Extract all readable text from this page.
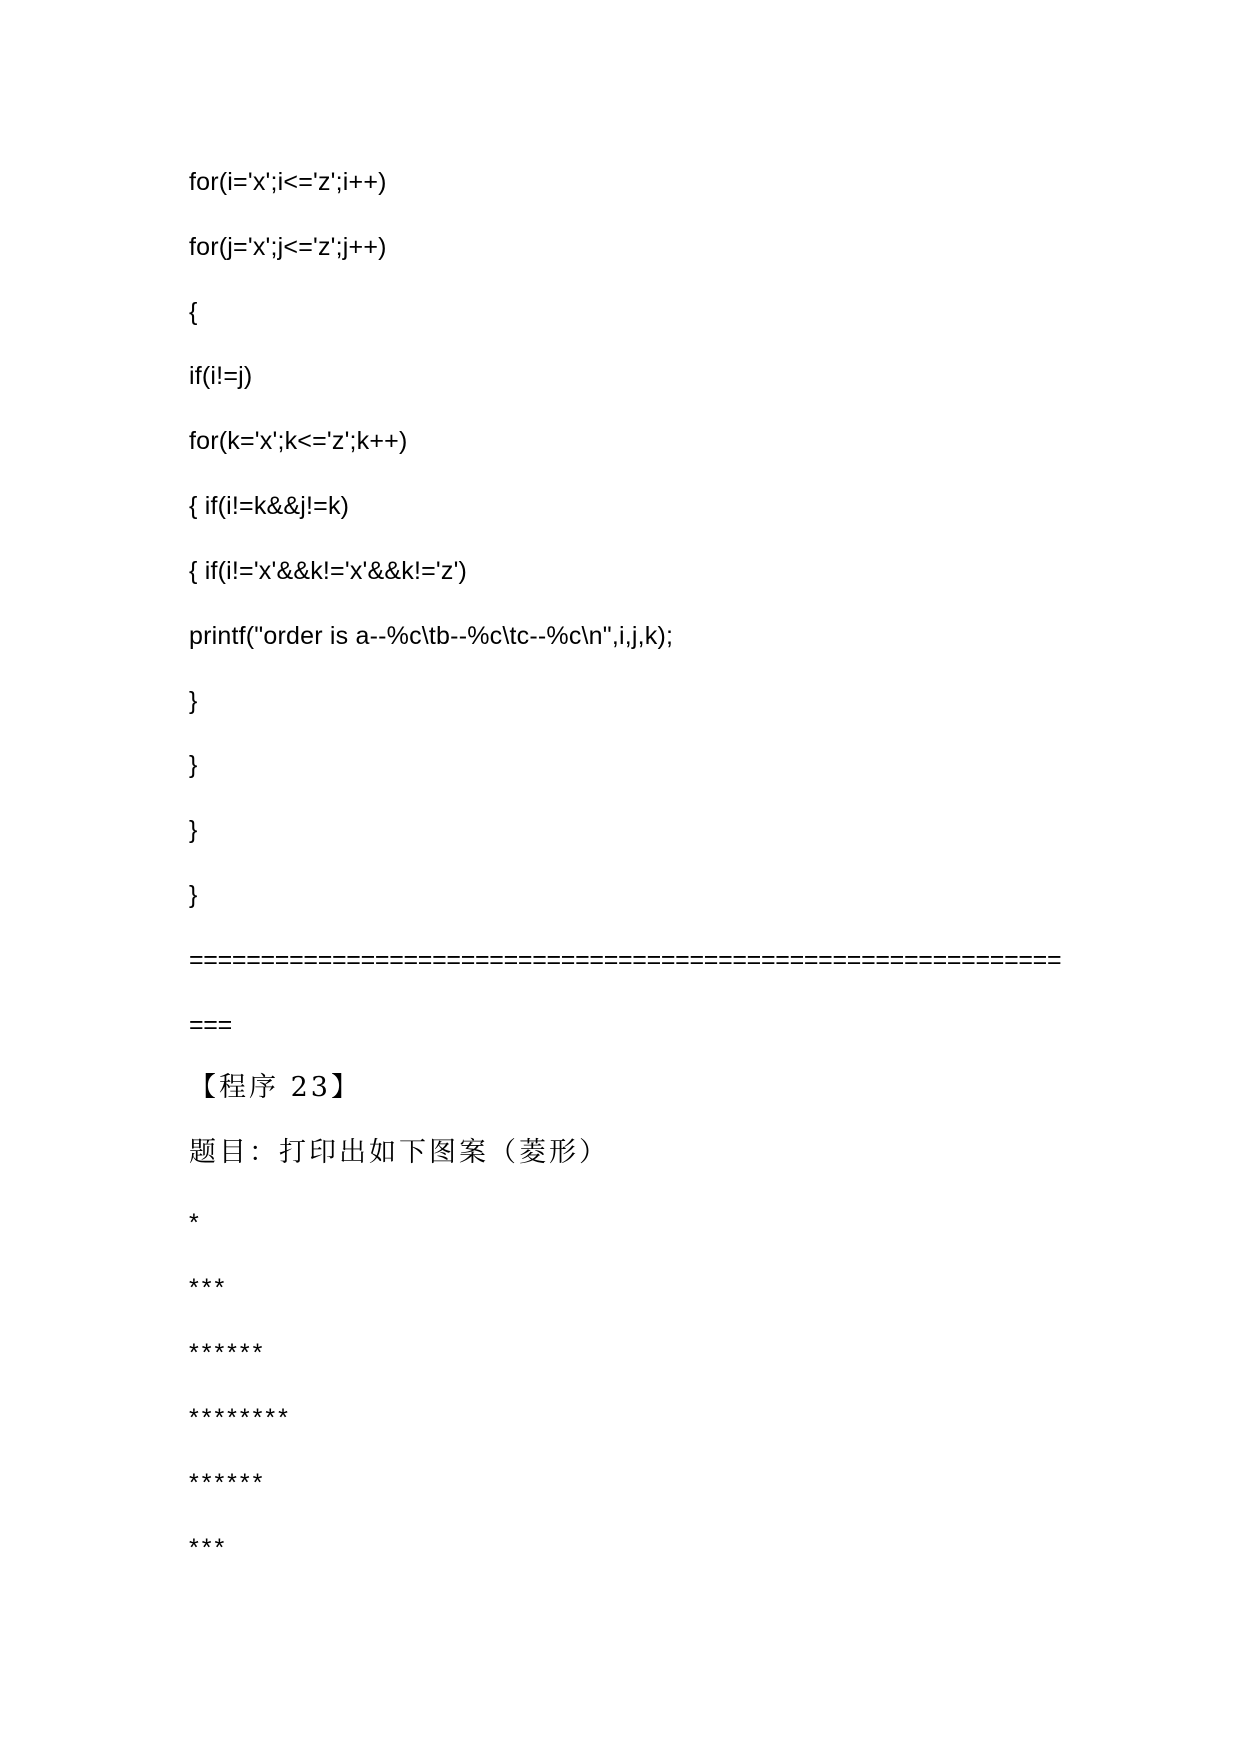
for(i='x';i<='z';i++)
for(j='x';j<='z';j++)
{
if(i!=j)
for(k='x';k<='z';k++)
{ if(i!=k&&j!=k)
{ if(i!='x'&&k!='x'&&k!='z')
printf("order is a--%c\tb--%c\tc--%c\n",i,j,k);
}
}
}
}
=============================================================
===
【程序 23】
题目：打印出如下图案（菱形）
*
***
******
********
******
***
